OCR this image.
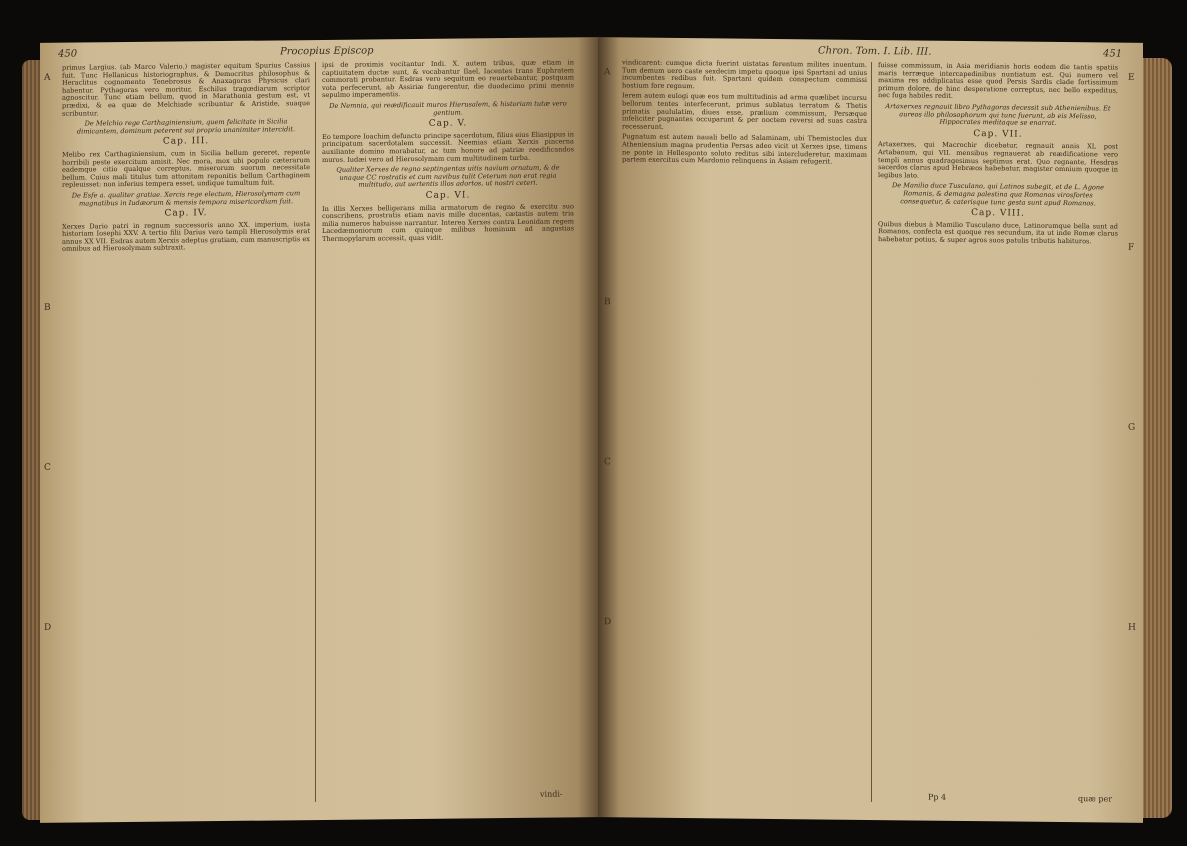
450	Procopius Episcop
A
B
C
D

primus Largius. (ab Marco Valerio.) magister equitum Spurius Cassius fuit. Tunc Hellanicus historiographus, & Democritus philosophus & Heraclitus cognomento Tenebrosus & Anaxagoras Physicus clari habentur. Pythagoras vero moritur, Eschilus tragœdiarum scriptor agnoscitur. Tunc etiam bellum, quod in Marathonia gestum est, vt prædixi, & ea quæ de Melchiade scribuntur & Aristide, suaque scribuntur.

De Melchio rege Carthaginiensium, quem felicitate in Sicilia dimicantem, dominum peterent sui proprio unanimiter intercidit.
Cap. III.

Melibo rex Carthaginiensium, cum in Sicilia bellum gereret, repente horribili peste exercitum amisit. Nec mora, mox ubi populo cæterarum eademque citio qualque correptus, miserorum suorum necessitate bellum. Cuius mali titulus tum attonitam reponitis bellum Carthaginem repleuisset: non inferius tempera esset, undique tumultum fuit.

De Esfe a. qualiter gratiae. Xercis rege electum, Hierosolymam cum magnatibus in Iudæorum & mensis tempora misericordiam fuit.
Cap. IV.

Xerxes Dario patri in regnum successoris anno XX. imperium, iusta historiam Iosephi XXV. A tertio filii Darius vero templi Hierosolymis erat annus XX VII. Esdras autem Xerxis adeptus gratiam, cum manuscriptis ex omnibus ad Hierosolymam subtraxit.

ipsi de proximis vocitantur Indi. X. autem tribus, quæ etiam in captiuitatem ductæ sunt, & vocabantur Ilael, Iacentes trans Euphratem commorati probantur. Esdras vero sequitum eo reuertebantur, postquam vota perfecerunt, ab Assiriæ fungerentur, die duodecimo primi mensis sepulmo imperamentis.

De Nemnia, qui reædificauit muros Hierusalem, & historiam tutæ vero gentium.
Cap. V.

Eo tempore Ioachim defuncto principe sacerdotum, filius eius Eliasippus in principatum sacerdotalem successit. Neemias etiam Xerxis pincerna auxiliante domino morabatur, ac tum honore ad patriæ reedificandos muros. Iudæi vero ad Hierosolymam cum multitudinem turba.

Qualiter Xerxes de regno septingentas uitis navium ornatum, & de unaque CC rostratis et cum navibus tulit Ceterum non erat regia multitudo, aut uertentis illos adortos, ut nostri ceteri.
Cap. VI.

In illis Xerxes belligerans milia armatorum de regno & exercitu suo conscribens, prostratis etiam navis mille ducentas, cætastis autem tria milia numeros habuisse narrantur. Interea Xerxes contra Leonidam regem Lacedæmoniorum cum quinque milibus hominum ad angustias Thermopylarum accessit, quas vidit.

vindi-
Chron. Tom. I. Lib. III.	451
A
B
C
D
E
F
G
H

vindicarent: cumque dicta fuerint uistatas ferentum milites inuentum. Tum demum uero caste sexdecim impetu quoque ipsi Spartani ad unius incumbentes redibus fuit. Spartani quidem conspectum commissi hostium fore regnum.

Ierem autem eulogi quæ eos tum multitudinis ad arma quælibet incursu bellorum tentes interfecerunt, primus sublatus terratum & Thetis primatis paululatim, diues esse, prælium commissum, Persæque infeliciter pugnantes occuparunt & per noctem reversi ad suas castra recesserunt.

Pugnatum est autem nauali bello ad Salaminam, ubi Themistocles dux Atheniensium magna prudentia Persas adeo vicit ut Xerxes ipse, timens ne ponte in Hellesponto soluto reditus sibi intercluderetur, maximam partem exercitus cum Mardonio relinquens in Asiam refugerit.

fuisse commissum, in Asia meridianis horis eodem die tantis spatiis maris terræque intercapedinibus nuntiatum est. Qui numero vel maxima res addiplicatus esse quod Persis Sardis clade fortissimum primum dolore, de hinc desperatione correptus, nec bello expeditus, nec fuga habiles redit.

Artaxerxes regnauit libro Pythagoras decessit sub Athenienibus. Et aureos illo philosophorum qui tunc fuerunt, ab eis Melisso, Hippocrates meditaque se enarrat.
Cap. VII.

Artaxerxes, qui Macrochir dicebatur, regnauit annis XL post Artabanum, qui VII. mensibus regnauerat ab reædificatione vero templi annus quadragesimus septimus erat. Quo regnante, Hesdras sacerdos clarus apud Hebræos habebatur, magister omnium quoque in legibus lato.

De Manilio duce Tusculano, qui Latinos subegit, et de L. Agone Romanis, & demagna palestina qua Romanos virosfortes consequetur, & caterisque tunc gesta sunt apud Romanos.
Cap. VIII.

Quibus diebus à Mamilio Tusculano duce, Latinorumque bella sunt ad Romanos, confecta est quoque res secundum, ita ut inde Romæ clarus habebatur potius, & super agros suos patulis tributis habituros.

Pp 4	quæ per
